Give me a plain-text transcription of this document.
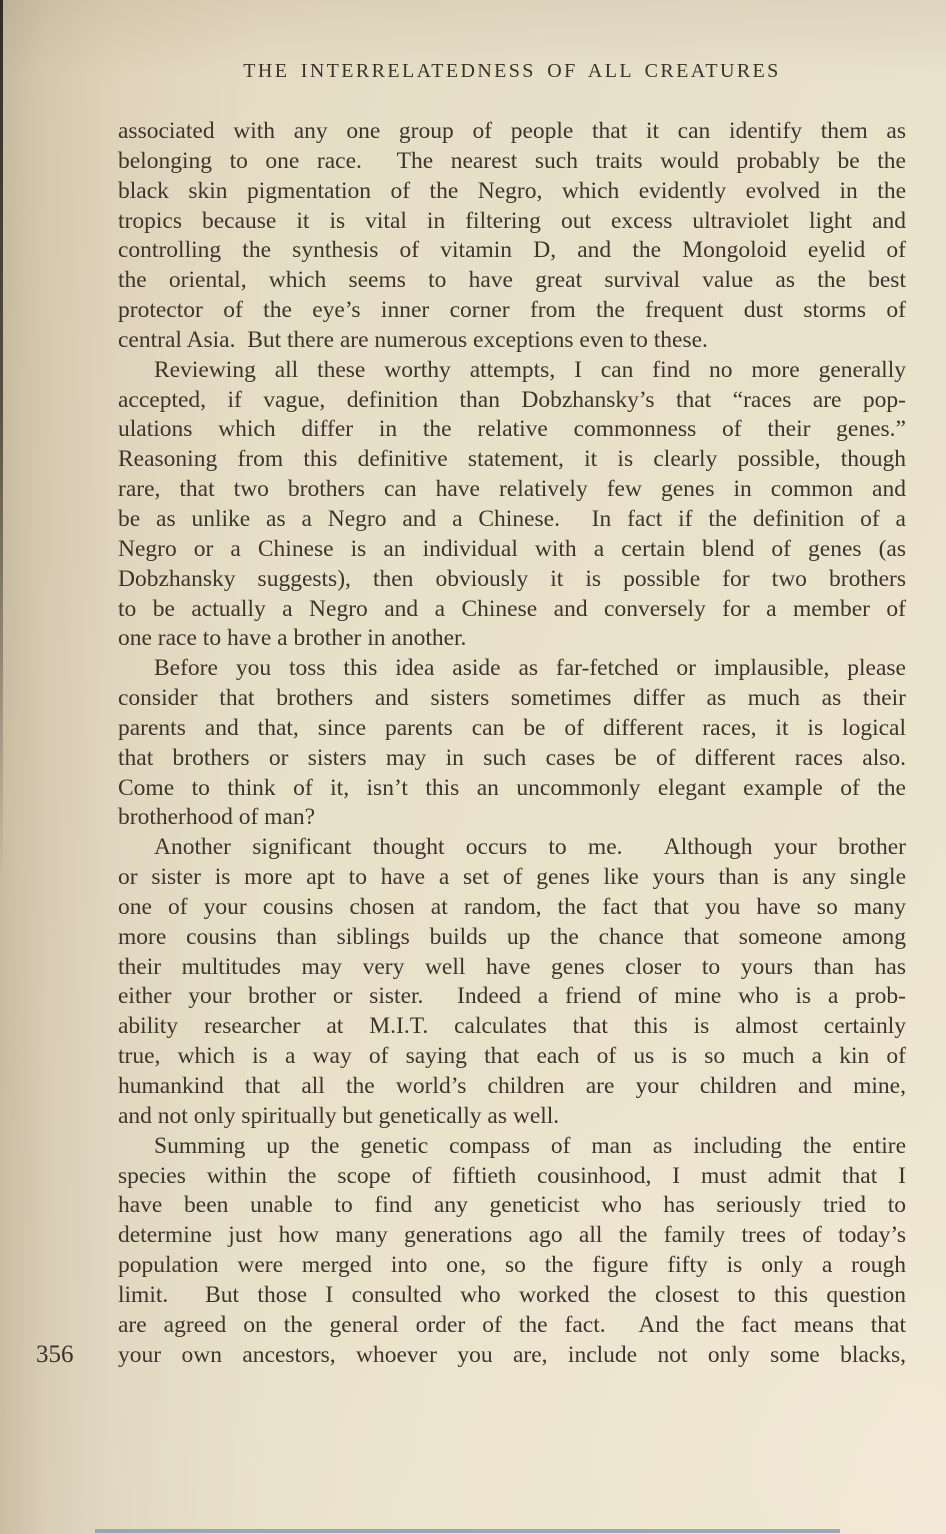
THE INTERRELATEDNESS OF ALL CREATURES
associated with any one group of people that it can identify them as
belonging to one race.  The nearest such traits would probably be the
black skin pigmentation of the Negro, which evidently evolved in the
tropics because it is vital in filtering out excess ultraviolet light and
controlling the synthesis of vitamin D, and the Mongoloid eyelid of
the oriental, which seems to have great survival value as the best
protector of the eye’s inner corner from the frequent dust storms of
central Asia.  But there are numerous exceptions even to these.
Reviewing all these worthy attempts, I can find no more generally
accepted, if vague, definition than Dobzhansky’s that “races are pop-
ulations which differ in the relative commonness of their genes.”
Reasoning from this definitive statement, it is clearly possible, though
rare, that two brothers can have relatively few genes in common and
be as unlike as a Negro and a Chinese.  In fact if the definition of a
Negro or a Chinese is an individual with a certain blend of genes (as
Dobzhansky suggests), then obviously it is possible for two brothers
to be actually a Negro and a Chinese and conversely for a member of
one race to have a brother in another.
Before you toss this idea aside as far-fetched or implausible, please
consider that brothers and sisters sometimes differ as much as their
parents and that, since parents can be of different races, it is logical
that brothers or sisters may in such cases be of different races also.
Come to think of it, isn’t this an uncommonly elegant example of the
brotherhood of man?
Another significant thought occurs to me.  Although your brother
or sister is more apt to have a set of genes like yours than is any single
one of your cousins chosen at random, the fact that you have so many
more cousins than siblings builds up the chance that someone among
their multitudes may very well have genes closer to yours than has
either your brother or sister.  Indeed a friend of mine who is a prob-
ability researcher at M.I.T. calculates that this is almost certainly
true, which is a way of saying that each of us is so much a kin of
humankind that all the world’s children are your children and mine,
and not only spiritually but genetically as well.
Summing up the genetic compass of man as including the entire
species within the scope of fiftieth cousinhood, I must admit that I
have been unable to find any geneticist who has seriously tried to
determine just how many generations ago all the family trees of today’s
population were merged into one, so the figure fifty is only a rough
limit.  But those I consulted who worked the closest to this question
are agreed on the general order of the fact.  And the fact means that
your own ancestors, whoever you are, include not only some blacks,
356
